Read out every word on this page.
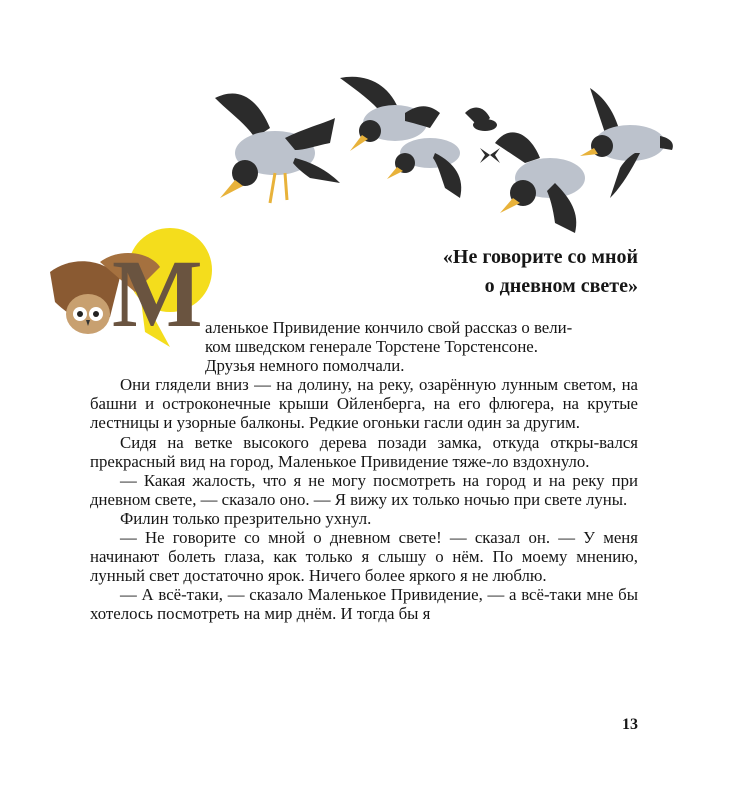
М	«Не говорите со мной
о дневном свете»

аленькое Привидение кончило свой рассказ о вели-

ком шведском генерале Торстене Торстенсоне.

Друзья немного помолчали.

Они глядели вниз — на долину, на реку, озарённую лунным светом, на башни и остроконечные крыши Ойленберга, на его флюгера, на крутые лестницы и узорные балконы. Редкие огоньки гасли один за другим.

Сидя на ветке высокого дерева позади замка, откуда откры-вался прекрасный вид на город, Маленькое Привидение тяже-ло вздохнуло.

— Какая жалость, что я не могу посмотреть на город и на реку при дневном свете, — сказало оно. — Я вижу их только ночью при свете луны.

Филин только презрительно ухнул.

— Не говорите со мной о дневном свете! — сказал он. — У меня начинают болеть глаза, как только я слышу о нём. По моему мнению, лунный свет достаточно ярок. Ничего более яркого я не люблю.

— А всё-таки, — сказало Маленькое Привидение, — а всё-таки мне бы хотелось посмотреть на мир днём. И тогда бы я

13
